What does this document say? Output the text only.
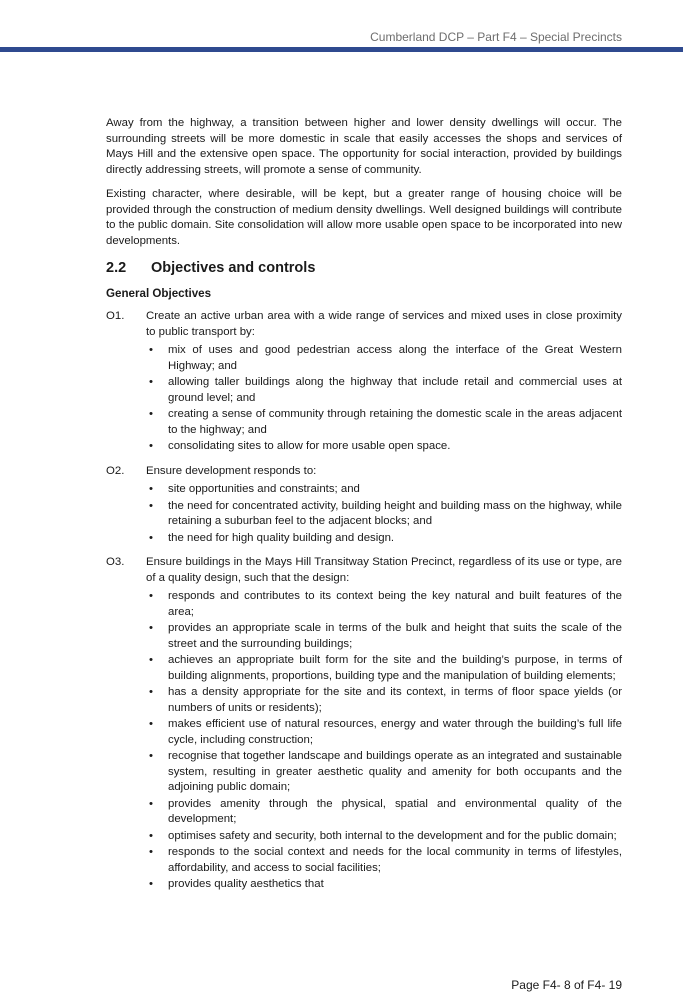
Cumberland DCP – Part F4 – Special Precincts

Away from the highway, a transition between higher and lower density dwellings will occur. The surrounding streets will be more domestic in scale that easily accesses the shops and services of Mays Hill and the extensive open space. The opportunity for social interaction, provided by buildings directly addressing streets, will promote a sense of community.

Existing character, where desirable, will be kept, but a greater range of housing choice will be provided through the construction of medium density dwellings. Well designed buildings will contribute to the public domain. Site consolidation will allow more usable open space to be incorporated into new developments.

2.2	Objectives and controls
General Objectives
O1.	Create an active urban area with a wide range of services and mixed uses in close proximity to public transport by:
• mix of uses and good pedestrian access along the interface of the Great Western Highway; and
• allowing taller buildings along the highway that include retail and commercial uses at ground level; and
• creating a sense of community through retaining the domestic scale in the areas adjacent to the highway; and
• consolidating sites to allow for more usable open space.
O2.	Ensure development responds to:
• site opportunities and constraints; and
• the need for concentrated activity, building height and building mass on the highway, while retaining a suburban feel to the adjacent blocks; and
• the need for high quality building and design.
O3.	Ensure buildings in the Mays Hill Transitway Station Precinct, regardless of its use or type, are of a quality design, such that the design:
• responds and contributes to its context being the key natural and built features of the area;
• provides an appropriate scale in terms of the bulk and height that suits the scale of the street and the surrounding buildings;
• achieves an appropriate built form for the site and the building’s purpose, in terms of building alignments, proportions, building type and the manipulation of building elements;
• has a density appropriate for the site and its context, in terms of floor space yields (or numbers of units or residents);
• makes efficient use of natural resources, energy and water through the building’s full life cycle, including construction;
• recognise that together landscape and buildings operate as an integrated and sustainable system, resulting in greater aesthetic quality and amenity for both occupants and the adjoining public domain;
• provides amenity through the physical, spatial and environmental quality of the development;
• optimises safety and security, both internal to the development and for the public domain;
• responds to the social context and needs for the local community in terms of lifestyles, affordability, and access to social facilities;
• provides quality aesthetics that
Page F4- 8 of F4- 19
